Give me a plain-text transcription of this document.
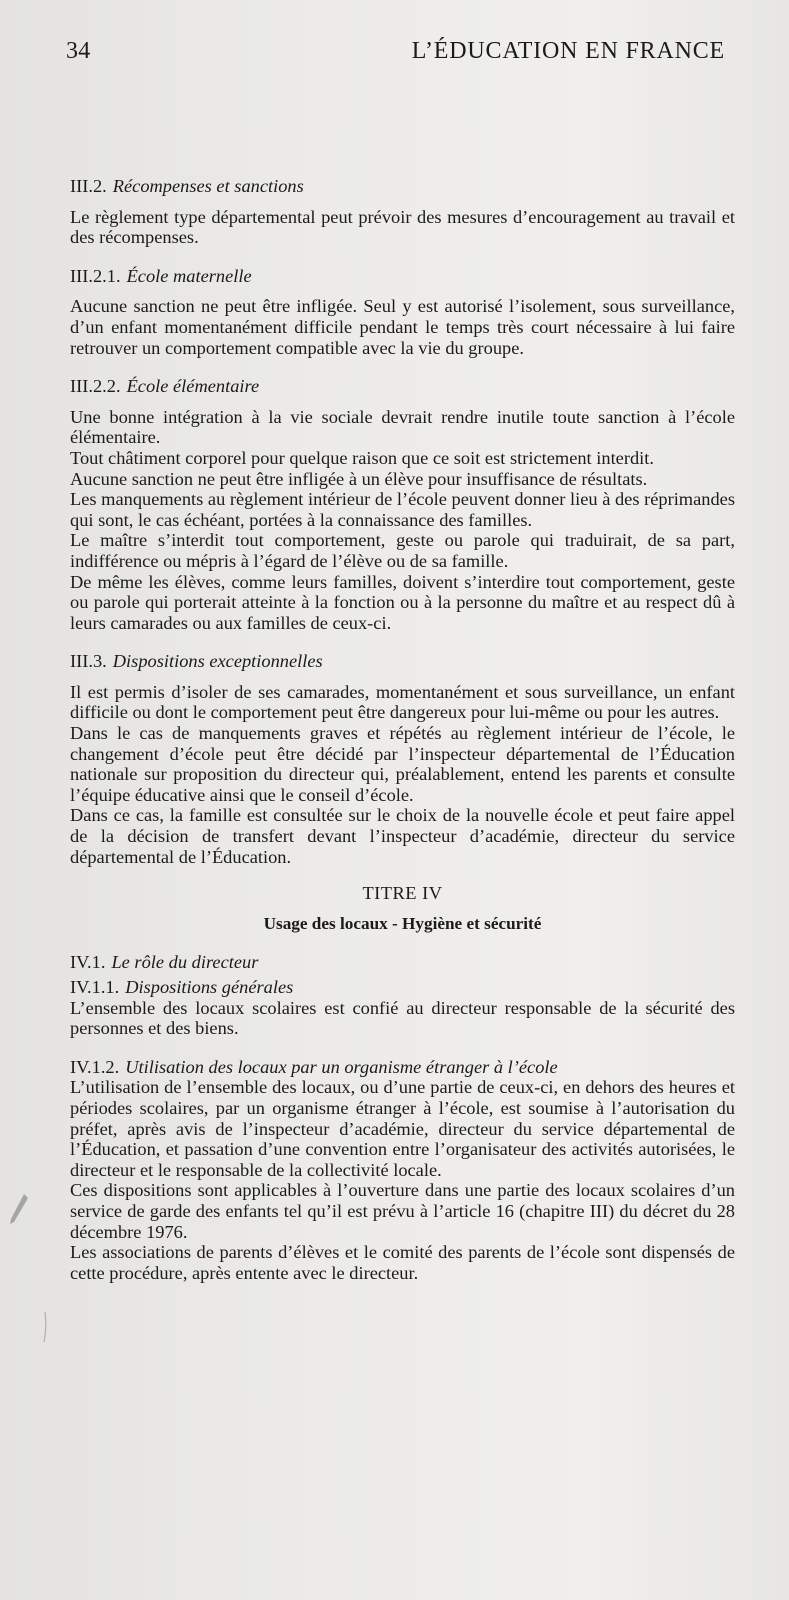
34	L’ÉDUCATION EN FRANCE
III.2. Récompenses et sanctions

Le règlement type départemental peut prévoir des mesures d’encouragement au travail et des récompenses.

III.2.1. École maternelle

Aucune sanction ne peut être infligée. Seul y est autorisé l’isolement, sous surveillance, d’un enfant momentanément difficile pendant le temps très court nécessaire à lui faire retrouver un comportement compatible avec la vie du groupe.

III.2.2. École élémentaire

Une bonne intégration à la vie sociale devrait rendre inutile toute sanction à l’école élémentaire.

Tout châtiment corporel pour quelque raison que ce soit est strictement interdit.

Aucune sanction ne peut être infligée à un élève pour insuffisance de résultats.

Les manquements au règlement intérieur de l’école peuvent donner lieu à des réprimandes qui sont, le cas échéant, portées à la connaissance des familles.

Le maître s’interdit tout comportement, geste ou parole qui traduirait, de sa part, indifférence ou mépris à l’égard de l’élève ou de sa famille.

De même les élèves, comme leurs familles, doivent s’interdire tout comportement, geste ou parole qui porterait atteinte à la fonction ou à la personne du maître et au respect dû à leurs camarades ou aux familles de ceux-ci.

III.3. Dispositions exceptionnelles

Il est permis d’isoler de ses camarades, momentanément et sous surveillance, un enfant difficile ou dont le comportement peut être dangereux pour lui-même ou pour les autres.

Dans le cas de manquements graves et répétés au règlement intérieur de l’école, le changement d’école peut être décidé par l’inspecteur départemental de l’Éducation nationale sur proposition du directeur qui, préalablement, entend les parents et consulte l’équipe éducative ainsi que le conseil d’école.

Dans ce cas, la famille est consultée sur le choix de la nouvelle école et peut faire appel de la décision de transfert devant l’inspecteur d’académie, directeur du service départemental de l’Éducation.

TITRE IV
Usage des locaux - Hygiène et sécurité
IV.1. Le rôle du directeur
IV.1.1. Dispositions générales

L’ensemble des locaux scolaires est confié au directeur responsable de la sécurité des personnes et des biens.

IV.1.2. Utilisation des locaux par un organisme étranger à l’école

L’utilisation de l’ensemble des locaux, ou d’une partie de ceux-ci, en dehors des heures et périodes scolaires, par un organisme étranger à l’école, est soumise à l’autorisation du préfet, après avis de l’inspecteur d’académie, directeur du service départemental de l’Éducation, et passation d’une convention entre l’organisateur des activités autorisées, le directeur et le responsable de la collectivité locale.

Ces dispositions sont applicables à l’ouverture dans une partie des locaux scolaires d’un service de garde des enfants tel qu’il est prévu à l’article 16 (chapitre III) du décret du 28 décembre 1976.

Les associations de parents d’élèves et le comité des parents de l’école sont dispensés de cette procédure, après entente avec le directeur.
